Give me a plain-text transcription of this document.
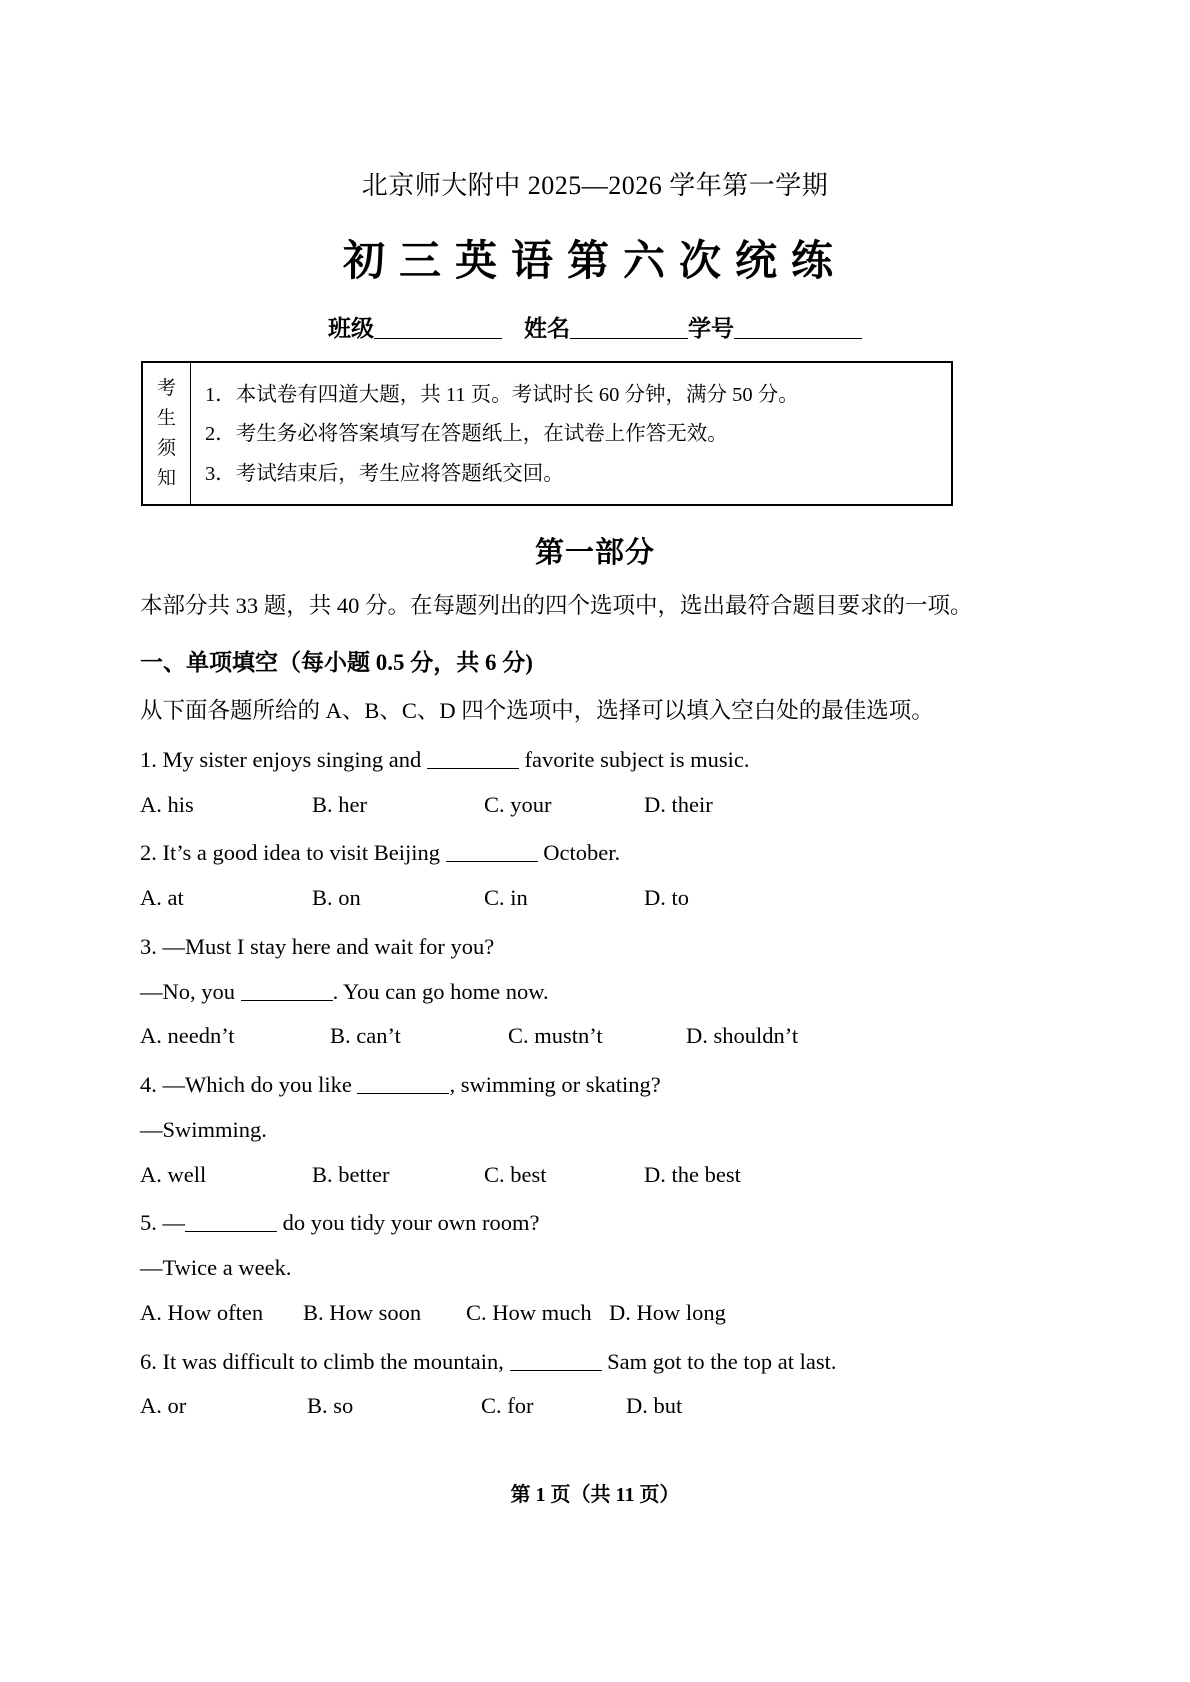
北京师大附中 2025—2026 学年第一学期
初三英语第六次统练
班级	姓名	学号
考
生
须
知
1．本试卷有四道大题，共 11 页。考试时长 60 分钟，满分 50 分。
2．考生务必将答案填写在答题纸上，在试卷上作答无效。
3．考试结束后，考生应将答题纸交回。
第一部分
本部分共 33 题，共 40 分。在每题列出的四个选项中，选出最符合题目要求的一项。
一、单项填空（每小题 0.5 分，共 6 分)
从下面各题所给的 A、B、C、D 四个选项中，选择可以填入空白处的最佳选项。
1. My sister enjoys singing and	favorite subject is music.
A. his	B. her	C. your	D. their
2. It’s a good idea to visit Beijing	October.
A. at	B. on	C. in	D. to
3. —Must I stay here and wait for you?
—No, you	. You can go home now.
A. needn’t	B. can’t	C. mustn’t	D. shouldn’t
4. —Which do you like	, swimming or skating?
—Swimming.
A. well	B. better	C. best	D. the best
5. —	do you tidy your own room?
—Twice a week.
A. How often	B. How soon	C. How much D. How long
6. It was difficult to climb the mountain,	Sam got to the top at last.
A. or	B. so	C. for	D. but
第 1 页（共 11 页）
